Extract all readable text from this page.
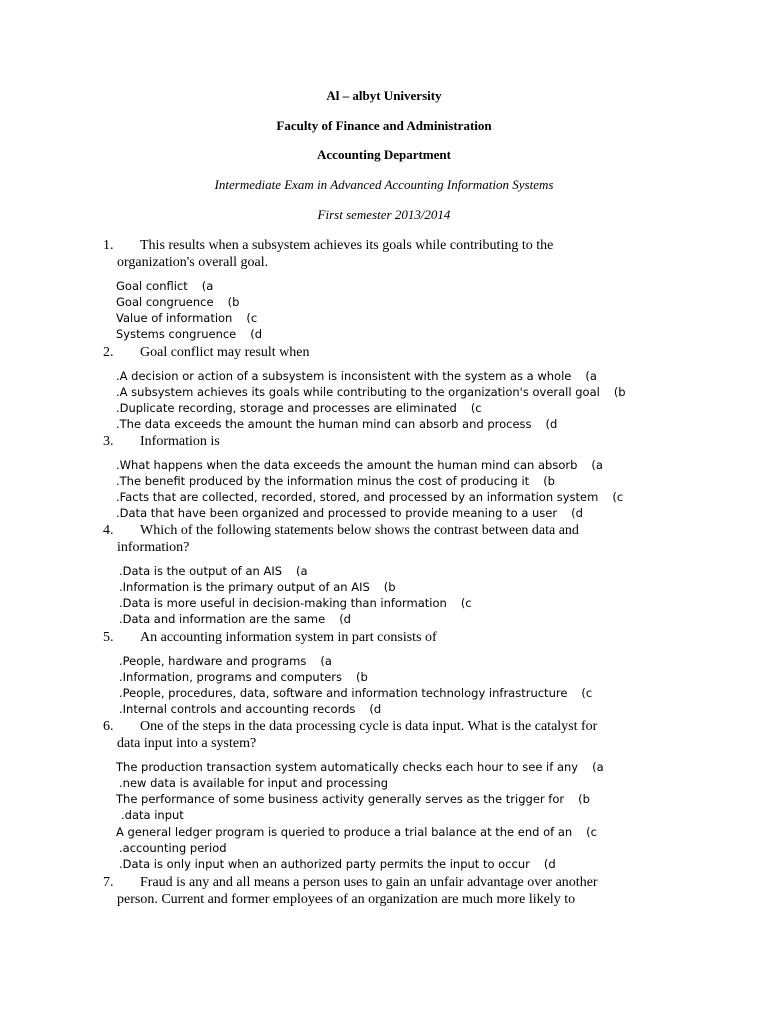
Al – albyt University
Faculty of Finance and Administration
Accounting Department
Intermediate Exam in Advanced Accounting Information Systems
First semester 2013/2014
1. This results when a subsystem achieves its goals while contributing to the
organization's overall goal.
Goal conflict (a
Goal congruence (b
Value of information (c
Systems congruence (d
2. Goal conflict may result when
.A decision or action of a subsystem is inconsistent with the system as a whole (a
.A subsystem achieves its goals while contributing to the organization's overall goal (b
.Duplicate recording, storage and processes are eliminated (c
.The data exceeds the amount the human mind can absorb and process (d
3. Information is
.What happens when the data exceeds the amount the human mind can absorb (a
.The benefit produced by the information minus the cost of producing it (b
.Facts that are collected, recorded, stored, and processed by an information system (c
.Data that have been organized and processed to provide meaning to a user (d
4. Which of the following statements below shows the contrast between data and
information?
.Data is the output of an AIS (a
.Information is the primary output of an AIS (b
.Data is more useful in decision-making than information (c
.Data and information are the same (d
5. An accounting information system in part consists of
.People, hardware and programs (a
.Information, programs and computers (b
.People, procedures, data, software and information technology infrastructure (c
.Internal controls and accounting records (d
6. One of the steps in the data processing cycle is data input. What is the catalyst for
data input into a system?
The production transaction system automatically checks each hour to see if any (a
.new data is available for input and processing
The performance of some business activity generally serves as the trigger for (b
.data input
A general ledger program is queried to produce a trial balance at the end of an (c
.accounting period
.Data is only input when an authorized party permits the input to occur (d
7. Fraud is any and all means a person uses to gain an unfair advantage over another
person. Current and former employees of an organization are much more likely to
